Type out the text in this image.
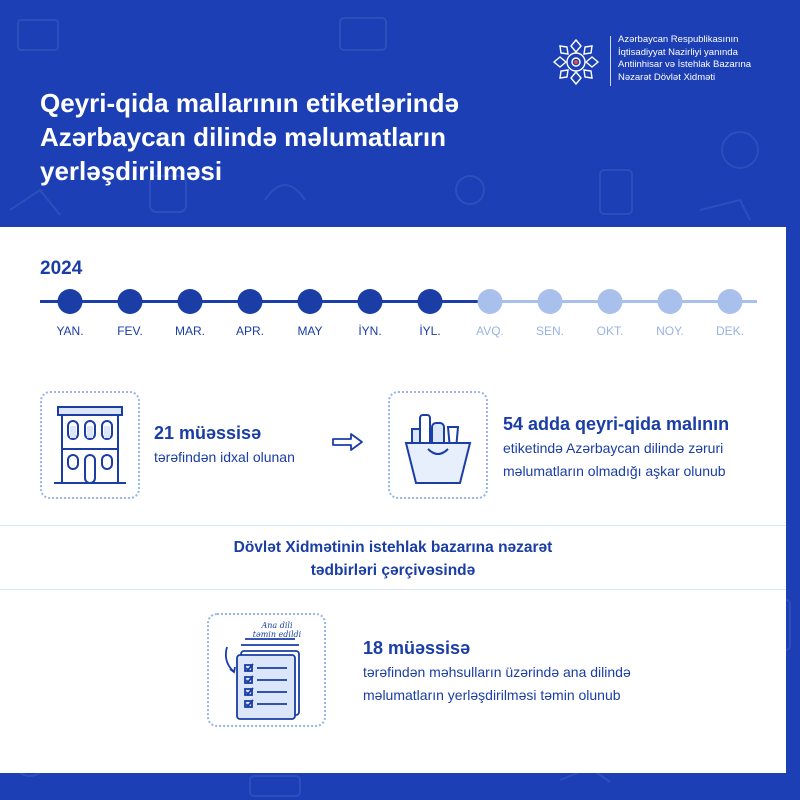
Qeyri-qida mallarının etiketlərində
Azərbaycan dilində məlumatların
yerləşdirilməsi
Azərbaycan Respublikasının
İqtisadiyyat Nazirliyi yanında
Antiinhisar və İstehlak Bazarına
Nəzarət Dövlət Xidməti
2024
YAN.	FEV.	MAR.	APR.	MAY	İYN.	İYL.	AVQ.	SEN.	OKT.	NOY.	DEK.
21 müəssisə
tərəfindən idxal olunan
54 adda qeyri-qida malının
etiketində Azərbaycan dilində zəruri
məlumatların olmadığı aşkar olunub
Dövlət Xidmətinin istehlak bazarına nəzarət
tədbirləri çərçivəsində
Ana dili
təmin edildi
18 müəssisə
tərəfindən məhsulların üzərində ana dilində
məlumatların yerləşdirilməsi təmin olunub
